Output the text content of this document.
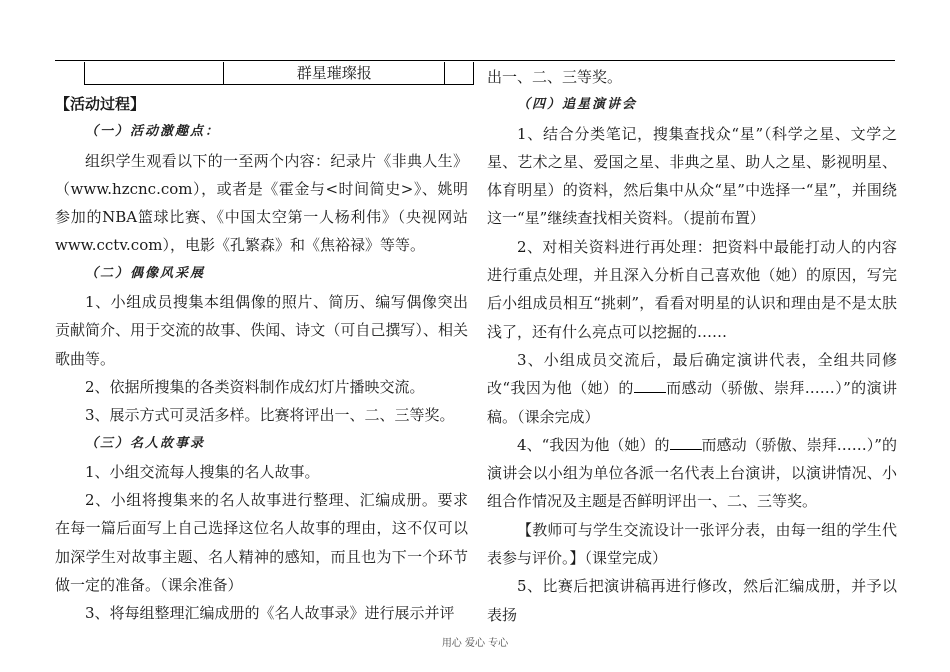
群星璀璨报

【活动过程】

（一）活动激趣点：

组织学生观看以下的一至两个内容：纪录片《非典人生》（www.hzcnc.com），或者是《霍金与<时间简史>》、姚明参加的NBA篮球比赛、《中国太空第一人杨利伟》（央视网站www.cctv.com），电影《孔繁森》和《焦裕禄》等等。

（二）偶像风采展

1、小组成员搜集本组偶像的照片、简历、编写偶像突出贡献简介、用于交流的故事、佚闻、诗文（可自己撰写）、相关歌曲等。

2、依据所搜集的各类资料制作成幻灯片播映交流。

3、展示方式可灵活多样。比赛将评出一、二、三等奖。

（三）名人故事录

1、小组交流每人搜集的名人故事。

2、小组将搜集来的名人故事进行整理、汇编成册。要求在每一篇后面写上自己选择这位名人故事的理由，这不仅可以加深学生对故事主题、名人精神的感知，而且也为下一个环节做一定的准备。（课余准备）

3、将每组整理汇编成册的《名人故事录》进行展示并评

出一、二、三等奖。

（四）追星演讲会

1、结合分类笔记，搜集查找众“星”（科学之星、文学之星、艺术之星、爱国之星、非典之星、助人之星、影视明星、体育明星）的资料，然后集中从众“星”中选择一“星”，并围绕这一“星”继续查找相关资料。（提前布置）

2、对相关资料进行再处理：把资料中最能打动人的内容进行重点处理，并且深入分析自己喜欢他（她）的原因，写完后小组成员相互“挑刺”，看看对明星的认识和理由是不是太肤浅了，还有什么亮点可以挖掘的……

3、小组成员交流后，最后确定演讲代表，全组共同修改“我因为他（她）的 而感动（骄傲、崇拜……）”的演讲稿。（课余完成）

4、“我因为他（她）的 而感动（骄傲、崇拜……）”的演讲会以小组为单位各派一名代表上台演讲，以演讲情况、小组合作情况及主题是否鲜明评出一、二、三等奖。

【教师可与学生交流设计一张评分表，由每一组的学生代表参与评价。】（课堂完成）

5、比赛后把演讲稿再进行修改，然后汇编成册，并予以表扬

用心 爱心 专心
